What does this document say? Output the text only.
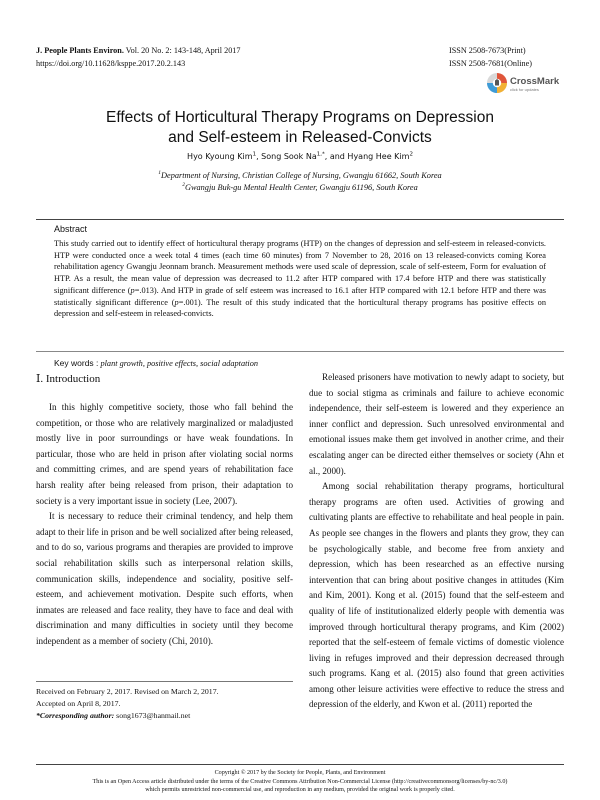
J. People Plants Environ. Vol. 20 No. 2: 143-148, April 2017
https://doi.org/10.11628/ksppe.2017.20.2.143
ISSN 2508-7673(Print)
ISSN 2508-7681(Online)
CrossMark
click for updates
Effects of Horticultural Therapy Programs on Depression
and Self-esteem in Released-Convicts
Hyo Kyoung Kim$^1$, Song Sook $Na^{1,*}$, and Hyang Hee Kim$^2$
$^1$Department of Nursing, Christian College of Nursing, Gwangju 61662, South Korea
$^2$Gwangju Buk-gu Mental Health Center, Gwangju 61196, South Korea
Abstract
This study carried out to identify effect of horticultural therapy programs (HTP) on the changes of depression and self-esteem in released-convicts. HTP were conducted once a week total 4 times (each time 60 minutes) from 7 November to 28, 2016 on 13 released-convicts coming Korea rehabilitation agency Gwangju Jeonnam branch. Measurement methods were used scale of depression, scale of self-esteem, Form for evaluation of HTP. As a result, the mean value of depression was decreased to 11.2 after HTP compared with 17.4 before HTP and there was statistically significant difference (p=.013). And HTP in grade of self esteem was increased to 16.1 after HTP compared with 12.1 before HTP and there was statistically significant difference (p=.001). The result of this study indicated that the horticultural therapy programs has positive effects on depression and self-esteem in released-convicts.
Key words : plant growth, positive effects, social adaptation
Ⅰ. Introduction

In this highly competitive society, those who fall behind the competition, or those who are relatively marginalized or maladjusted mostly live in poor surroundings or have weak foundations. In particular, those who are held in prison after violating social norms and committing crimes, and are spend years of rehabilitation face harsh reality after being released from prison, their adaptation to society is a very important issue in society (Lee, 2007).

It is necessary to reduce their criminal tendency, and help them adapt to their life in prison and be well socialized after being released, and to do so, various programs and therapies are provided to improve social rehabilitation skills such as interpersonal relation skills, communication skills, independence and sociality, positive self-esteem, and achievement motivation. Despite such efforts, when inmates are released and face reality, they have to face and deal with discrimination and many difficulties in society until they become independent as a member of society (Chi, 2010).

Released prisoners have motivation to newly adapt to society, but due to social stigma as criminals and failure to achieve economic independence, their self-esteem is lowered and they experience an inner conflict and depression. Such unresolved environmental and emotional issues make them get involved in another crime, and their escalating anger can be directed either themselves or society (Ahn et al., 2000).

Among social rehabilitation therapy programs, horticultural therapy programs are often used. Activities of growing and cultivating plants are effective to rehabilitate and heal people in pain. As people see changes in the flowers and plants they grow, they can be psychologically stable, and become free from anxiety and depression, which has been researched as an effective nursing intervention that can bring about positive changes in attitudes (Kim and Kim, 2001). Kong et al. (2015) found that the self-esteem and quality of life of institutionalized elderly people with dementia was improved through horticultural therapy programs, and Kim (2002) reported that the self-esteem of female victims of domestic violence living in refuges improved and their depression decreased through such programs. Kang et al. (2015) also found that green activities among other leisure activities were effective to reduce the stress and depression of the elderly, and Kwon et al. (2011) reported the

Received on February 2, 2017. Revised on March 2, 2017.
Accepted on April 8, 2017.
*Corresponding author: song1673@hanmail.net
Copyright © 2017 by the Society for People, Plants, and Environment
This is an Open Access article distributed under the terms of the Creative Commons Attribution Non-Commercial License (http://creativecommonsorg/licenses/by-nc/3.0)
which permits unrestricted non-commercial use, and reproduction in any medium, provided the original work is properly cited.
